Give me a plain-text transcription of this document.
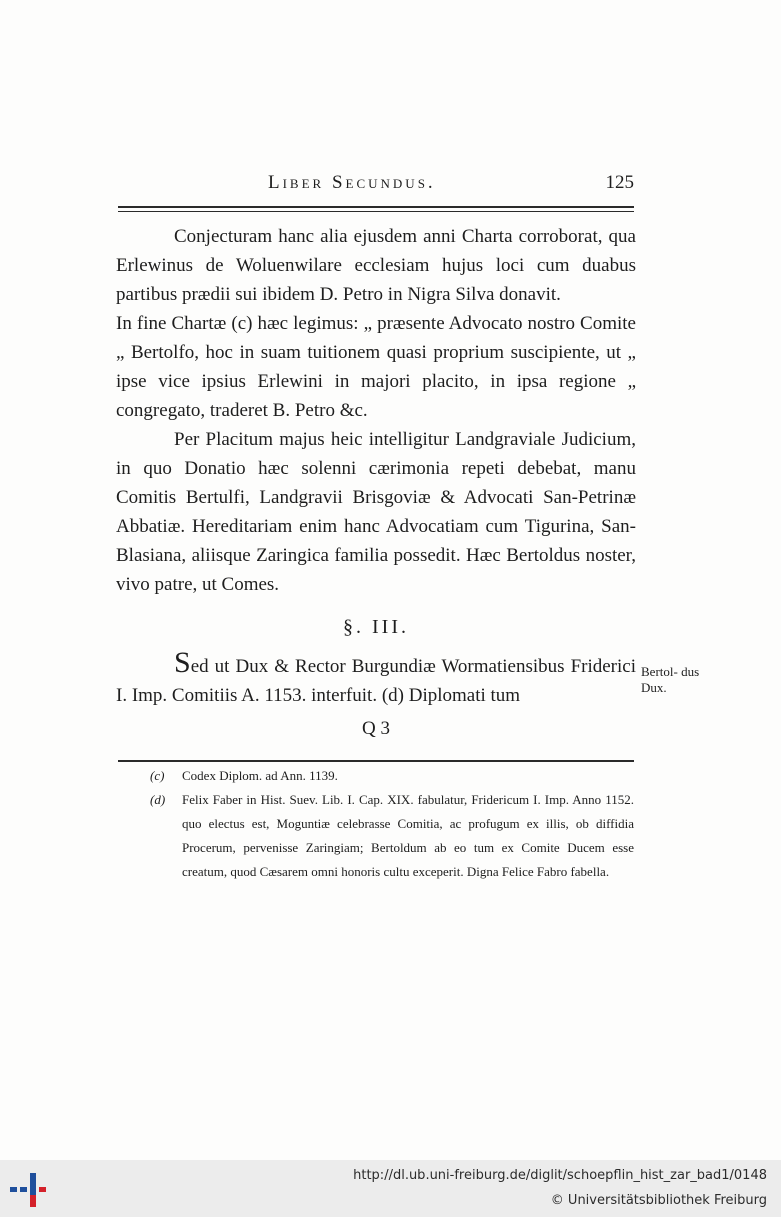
Liber Secundus.	125

Conjecturam hanc alia ejusdem anni Charta corroborat, qua Erlewinus de Woluenwilare ecclesiam hujus loci cum duabus partibus prædii sui ibidem D. Petro in Nigra Silva donavit.

In fine Chartæ (c) hæc legimus: „ præsente Advocato nostro Comite „ Bertolfo, hoc in suam tuitionem quasi proprium suscipiente, ut „ ipse vice ipsius Erlewini in majori placito, in ipsa regione „ congregato, traderet B. Petro &c.

Per Placitum majus heic intelligitur Landgraviale Judicium, in quo Donatio hæc solenni cærimonia repeti debebat, manu Comitis Bertulfi, Landgravii Brisgoviæ & Advocati San-Petrinæ Abbatiæ. Hereditariam enim hanc Advocatiam cum Tigurina, San-Blasiana, aliisque Zaringica familia possedit. Hæc Bertoldus noster, vivo patre, ut Comes.

§. III.

Sed ut Dux & Rector Burgundiæ Wormatiensibus Friderici I. Imp. Comitiis A. 1153. interfuit. (d) Diplomati tum

Bertol- dus Dux.
Q 3
(c)	Codex Diplom. ad Ann. 1139.
(d)	Felix Faber in Hist. Suev. Lib. I. Cap. XIX. fabulatur, Fridericum I. Imp. Anno 1152. quo electus est, Moguntiæ celebrasse Comitia, ac profugum ex illis, ob diffidia Procerum, pervenisse Zaringiam; Bertoldum ab eo tum ex Comite Ducem esse creatum, quod Cæsarem omni honoris cultu exceperit. Digna Felice Fabro fabella.
http://dl.ub.uni-freiburg.de/diglit/schoepflin_hist_zar_bad1/0148
© Universitätsbibliothek Freiburg
